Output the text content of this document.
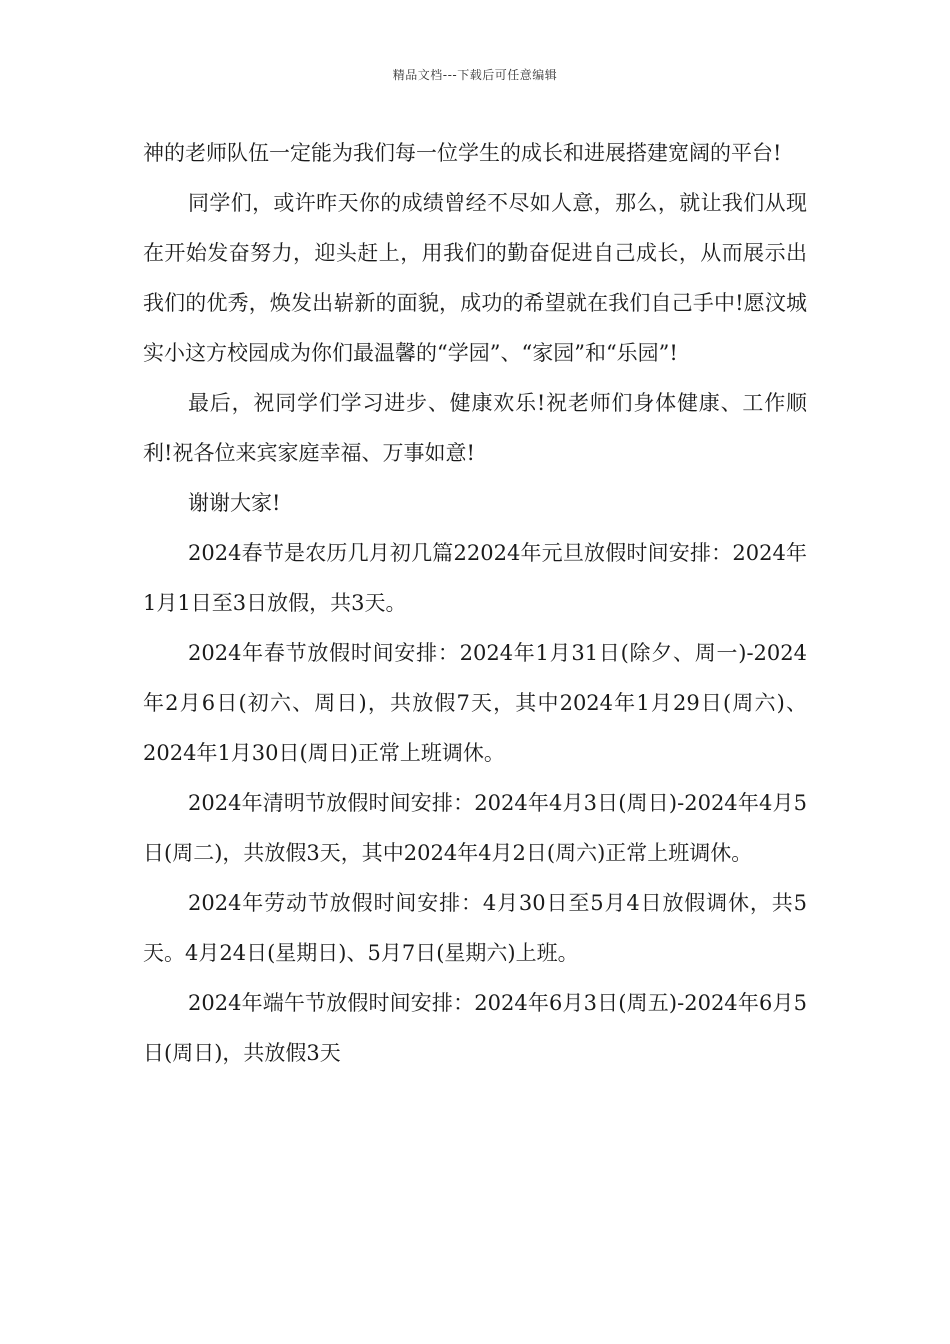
精品文档---下载后可任意编辑

神的老师队伍一定能为我们每一位学生的成长和进展搭建宽阔的平台!

同学们，或许昨天你的成绩曾经不尽如人意，那么，就让我们从现在开始发奋努力，迎头赶上，用我们的勤奋促进自己成长，从而展示出我们的优秀，焕发出崭新的面貌，成功的希望就在我们自己手中!愿汶城实小这方校园成为你们最温馨的“学园”、“家园”和“乐园”!

最后，祝同学们学习进步、健康欢乐!祝老师们身体健康、工作顺利!祝各位来宾家庭幸福、万事如意!

谢谢大家!

2024春节是农历几月初几篇22024年元旦放假时间安排：2024年1月1日至3日放假，共3天。

2024年春节放假时间安排：2024年1月31日(除夕、周一)-2024年2月6日(初六、周日)，共放假7天，其中2024年1月29日(周六)、2024年1月30日(周日)正常上班调休。

2024年清明节放假时间安排：2024年4月3日(周日)-2024年4月5日(周二)，共放假3天，其中2024年4月2日(周六)正常上班调休。

2024年劳动节放假时间安排：4月30日至5月4日放假调休，共5天。4月24日(星期日)、5月7日(星期六)上班。

2024年端午节放假时间安排：2024年6月3日(周五)-2024年6月5日(周日)，共放假3天
